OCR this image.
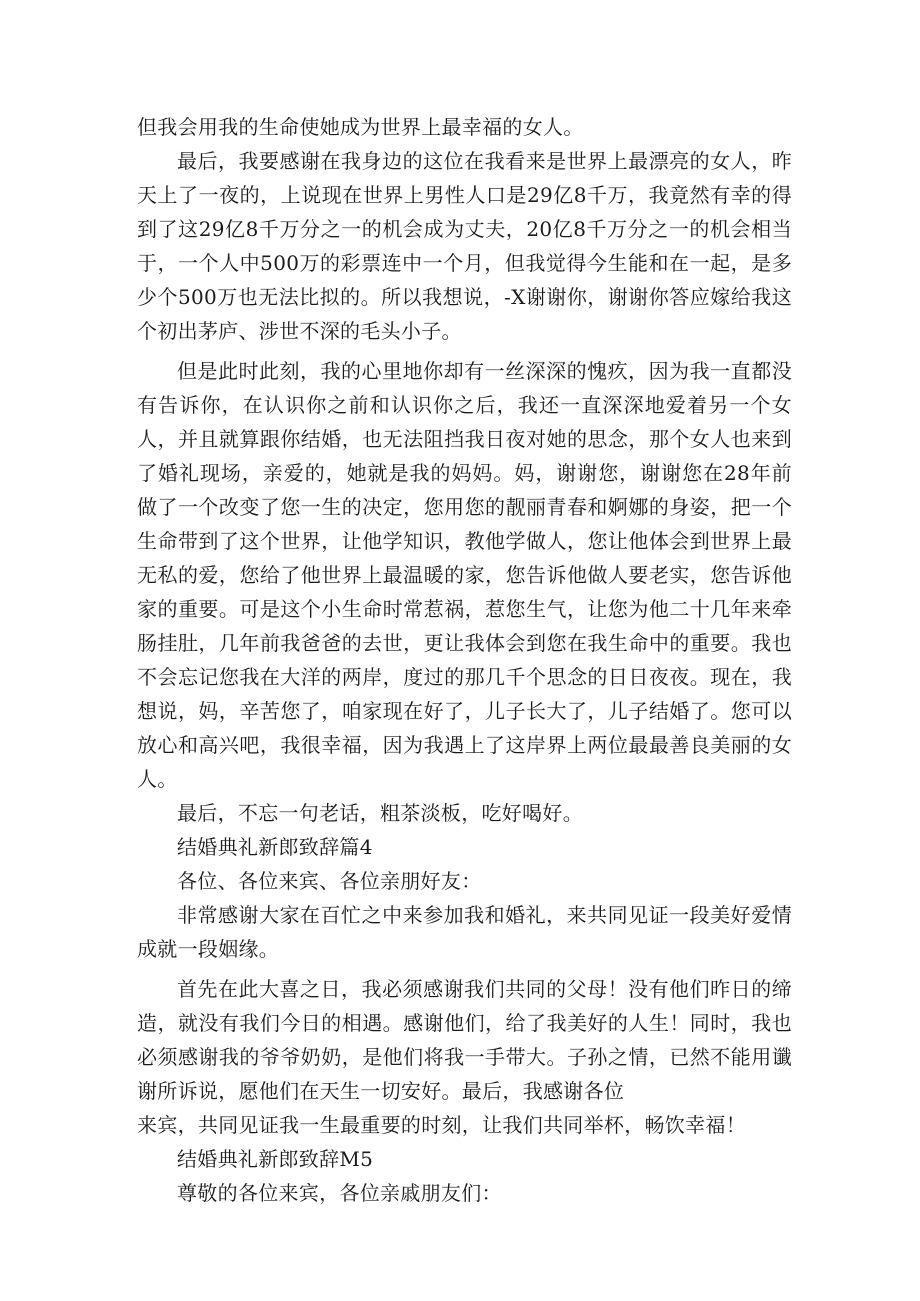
但我会用我的生命使她成为世界上最幸福的女人。

最后，我要感谢在我身边的这位在我看来是世界上最漂亮的女人，昨天上了一夜的，上说现在世界上男性人口是29亿8千万，我竟然有幸的得到了这29亿8千万分之一的机会成为丈夫，20亿8千万分之一的机会相当于，一个人中500万的彩票连中一个月，但我觉得今生能和在一起，是多少个500万也无法比拟的。所以我想说，-X谢谢你，谢谢你答应嫁给我这个初出茅庐、涉世不深的毛头小子。

但是此时此刻，我的心里地你却有一丝深深的愧疚，因为我一直都没有告诉你，在认识你之前和认识你之后，我还一直深深地爱着另一个女人，并且就算跟你结婚，也无法阻挡我日夜对她的思念，那个女人也来到了婚礼现场，亲爱的，她就是我的妈妈。妈，谢谢您，谢谢您在28年前做了一个改变了您一生的决定，您用您的靓丽青春和婀娜的身姿，把一个生命带到了这个世界，让他学知识，教他学做人，您让他体会到世界上最无私的爱，您给了他世界上最温暖的家，您告诉他做人要老实，您告诉他家的重要。可是这个小生命时常惹祸，惹您生气，让您为他二十几年来牵肠挂肚，几年前我爸爸的去世，更让我体会到您在我生命中的重要。我也不会忘记您我在大洋的两岸，度过的那几千个思念的日日夜夜。现在，我想说，妈，辛苦您了，咱家现在好了，儿子长大了，儿子结婚了。您可以放心和高兴吧，我很幸福，因为我遇上了这岸界上两位最最善良美丽的女人。

最后，不忘一句老话，粗茶淡板，吃好喝好。

结婚典礼新郎致辞篇4

各位、各位来宾、各位亲朋好友：

非常感谢大家在百忙之中来参加我和婚礼，来共同见证一段美好爱情成就一段姻缘。

首先在此大喜之日，我必须感谢我们共同的父母！没有他们昨日的缔造，就没有我们今日的相遇。感谢他们，给了我美好的人生！同时，我也必须感谢我的爷爷奶奶，是他们将我一手带大。子孙之情，已然不能用谶谢所诉说，愿他们在天生一切安好。最后，我感谢各位

来宾，共同见证我一生最重要的时刻，让我们共同举杯，畅饮幸福！

结婚典礼新郎致辞M5

尊敬的各位来宾，各位亲戚朋友们：
